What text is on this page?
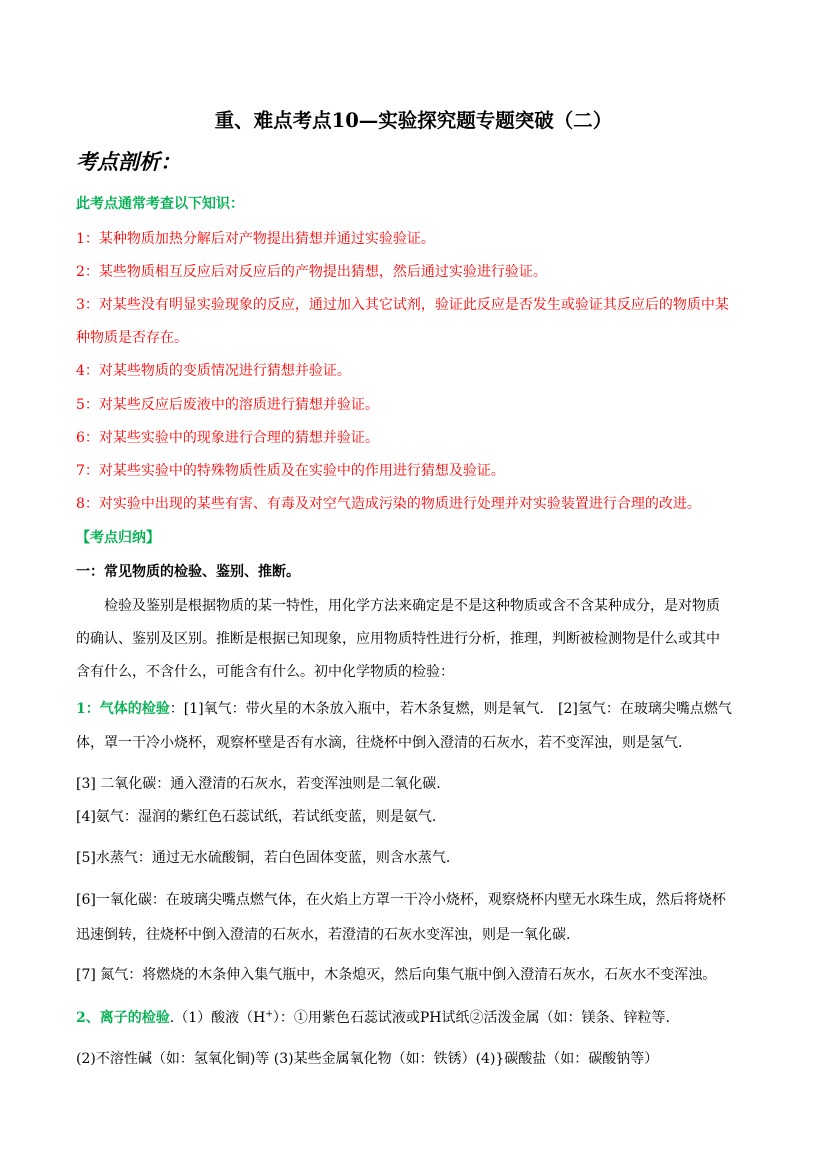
重、难点考点10—实验探究题专题突破（二）
考点剖析：
此考点通常考查以下知识：
1：某种物质加热分解后对产物提出猜想并通过实验验证。
2：某些物质相互反应后对反应后的产物提出猜想，然后通过实验进行验证。
3：对某些没有明显实验现象的反应，通过加入其它试剂，验证此反应是否发生或验证其反应后的物质中某
种物质是否存在。
4：对某些物质的变质情况进行猜想并验证。
5：对某些反应后废液中的溶质进行猜想并验证。
6：对某些实验中的现象进行合理的猜想并验证。
7：对某些实验中的特殊物质性质及在实验中的作用进行猜想及验证。
8：对实验中出现的某些有害、有毒及对空气造成污染的物质进行处理并对实验装置进行合理的改进。
【考点归纳】
一：常见物质的检验、鉴别、推断。
检验及鉴别是根据物质的某一特性，用化学方法来确定是不是这种物质或含不含某种成分，是对物质
的确认、鉴别及区别。推断是根据已知现象，应用物质特性进行分析，推理，判断被检测物是什么或其中
含有什么，不含什么，可能含有什么。初中化学物质的检验：
1：气体的检验：[1]氧气：带火星的木条放入瓶中，若木条复燃，则是氧气.　[2]氢气：在玻璃尖嘴点燃气
体，罩一干冷小烧杯，观察杯壁是否有水滴，往烧杯中倒入澄清的石灰水，若不变浑浊，则是氢气.
[3] 二氧化碳：通入澄清的石灰水，若变浑浊则是二氧化碳.
[4]氨气：湿润的紫红色石蕊试纸，若试纸变蓝，则是氨气.
[5]水蒸气：通过无水硫酸铜，若白色固体变蓝，则含水蒸气.
[6]一氧化碳：在玻璃尖嘴点燃气体，在火焰上方罩一干冷小烧杯，观察烧杯内壁无水珠生成，然后将烧杯
迅速倒转，往烧杯中倒入澄清的石灰水，若澄清的石灰水变浑浊，则是一氧化碳.
[7] 氮气：将燃烧的木条伸入集气瓶中，木条熄灭，然后向集气瓶中倒入澄清石灰水，石灰水不变浑浊。
2、离子的检验.（1）酸液（H+）：①用紫色石蕊试液或PH试纸②活泼金属（如：镁条、锌粒等.
(2)不溶性碱（如：氢氧化铜)等 (3)某些金属氧化物（如：铁锈）(4)}碳酸盐（如：碳酸钠等）
